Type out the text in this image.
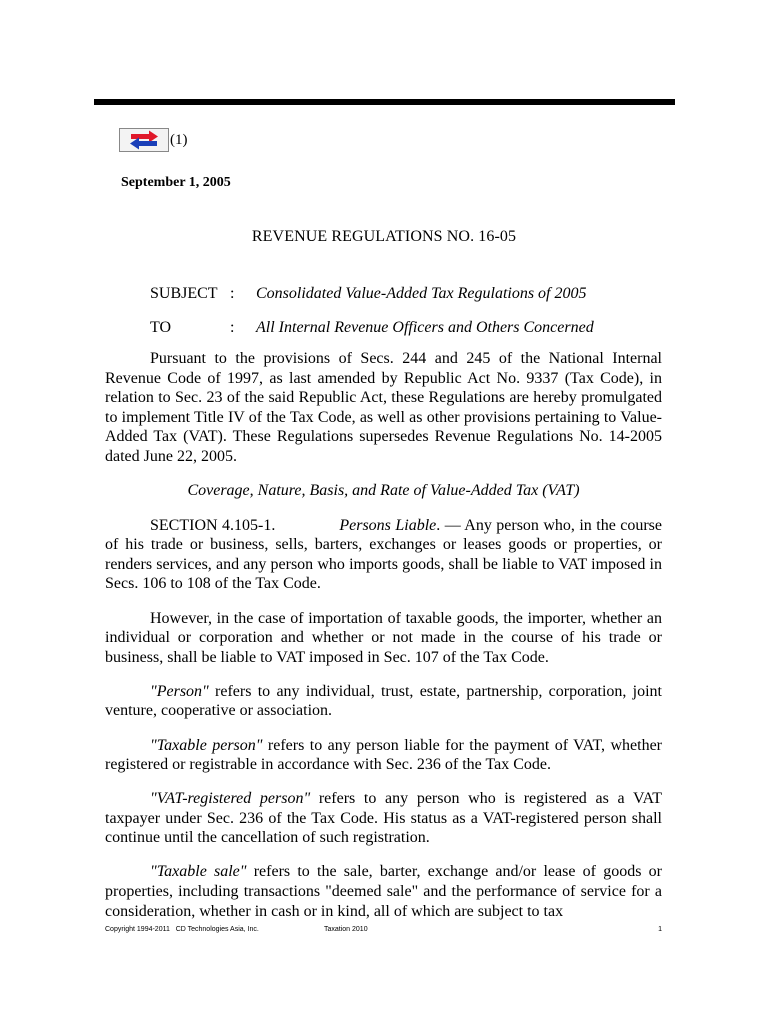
(1)
September 1, 2005
REVENUE REGULATIONS NO. 16-05
SUBJECT : Consolidated Value-Added Tax Regulations of 2005
TO	: All Internal Revenue Officers and Others Concerned

Pursuant to the provisions of Secs. 244 and 245 of the National Internal Revenue Code of 1997, as last amended by Republic Act No. 9337 (Tax Code), in relation to Sec. 23 of the said Republic Act, these Regulations are hereby promulgated to implement Title IV of the Tax Code, as well as other provisions pertaining to Value-Added Tax (VAT). These Regulations supersedes Revenue Regulations No. 14-2005 dated June 22, 2005.

Coverage, Nature, Basis, and Rate of Value-Added Tax (VAT)

SECTION 4.105-1.	Persons Liable. — Any person who, in the course of his trade or business, sells, barters, exchanges or leases goods or properties, or renders services, and any person who imports goods, shall be liable to VAT imposed in Secs. 106 to 108 of the Tax Code.

However, in the case of importation of taxable goods, the importer, whether an individual or corporation and whether or not made in the course of his trade or business, shall be liable to VAT imposed in Sec. 107 of the Tax Code.

"Person" refers to any individual, trust, estate, partnership, corporation, joint venture, cooperative or association.

"Taxable person" refers to any person liable for the payment of VAT, whether registered or registrable in accordance with Sec. 236 of the Tax Code.

"VAT-registered person" refers to any person who is registered as a VAT taxpayer under Sec. 236 of the Tax Code. His status as a VAT-registered person shall continue until the cancellation of such registration.

"Taxable sale" refers to the sale, barter, exchange and/or lease of goods or properties, including transactions "deemed sale" and the performance of service for a consideration, whether in cash or in kind, all of which are subject to tax

Copyright 1994-2011   CD Technologies Asia, Inc.	Taxation 2010	1
